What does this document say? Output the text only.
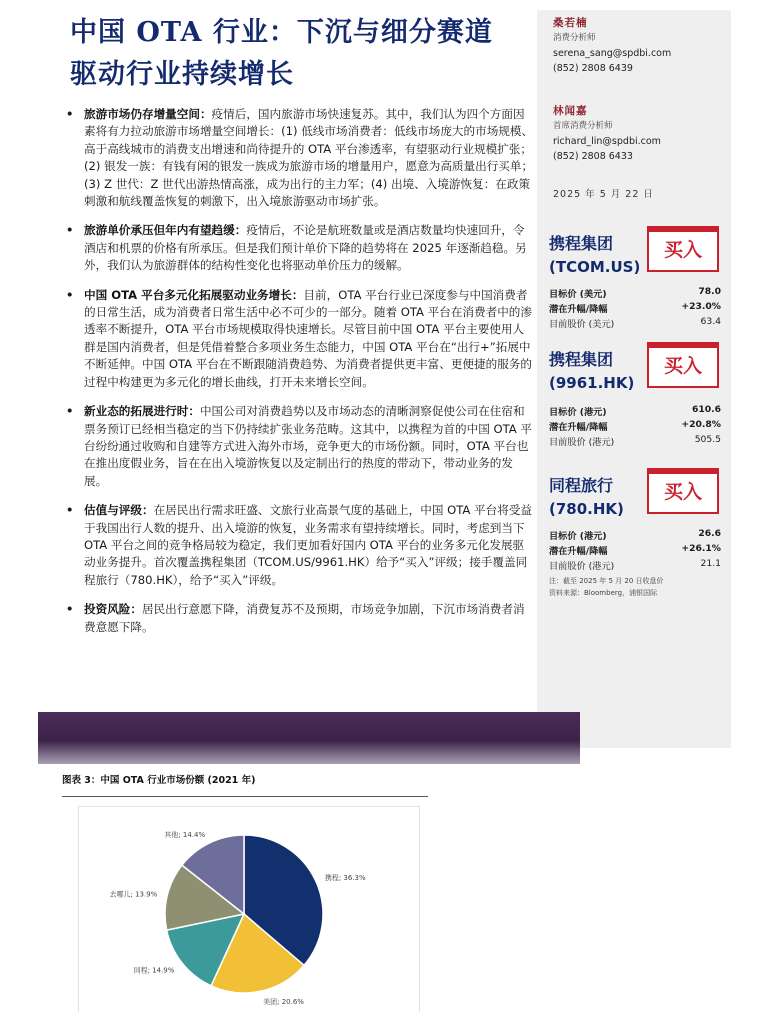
中国 OTA 行业：下沉与细分赛道
驱动行业持续增长
• 旅游市场仍存增量空间：疫情后，国内旅游市场快速复苏。其中，我们认为四个方面因素将有力拉动旅游市场增量空间增长：(1) 低线市场消费者：低线市场庞大的市场规模、高于高线城市的消费支出增速和尚待提升的 OTA 平台渗透率，有望驱动行业规模扩张；(2) 银发一族：有钱有闲的银发一族成为旅游市场的增量用户，愿意为高质量出行买单；(3) Z 世代：Z 世代出游热情高涨，成为出行的主力军；(4) 出境、入境游恢复：在政策刺激和航线覆盖恢复的刺激下，出入境旅游驱动市场扩张。
• 旅游单价承压但年内有望趋缓：疫情后，不论是航班数量或是酒店数量均快速回升，令酒店和机票的价格有所承压。但是我们预计单价下降的趋势将在 2025 年逐渐趋稳。另外，我们认为旅游群体的结构性变化也将驱动单价压力的缓解。
• 中国 OTA 平台多元化拓展驱动业务增长：目前，OTA 平台行业已深度参与中国消费者的日常生活，成为消费者日常生活中必不可少的一部分。随着 OTA 平台在消费者中的渗透率不断提升，OTA 平台市场规模取得快速增长。尽管目前中国 OTA 平台主要使用人群是国内消费者，但是凭借着整合多项业务生态能力，中国 OTA 平台在“出行+”拓展中不断延伸。中国 OTA 平台在不断跟随消费趋势、为消费者提供更丰富、更便捷的服务的过程中构建更为多元化的增长曲线，打开未来增长空间。
• 新业态的拓展进行时：中国公司对消费趋势以及市场动态的清晰洞察促使公司在住宿和票务预订已经相当稳定的当下仍持续扩张业务范畴。这其中，以携程为首的中国 OTA 平台纷纷通过收购和自建等方式进入海外市场，竞争更大的市场份额。同时，OTA 平台也在推出度假业务，旨在在出入境游恢复以及定制出行的热度的带动下，带动业务的发展。
• 估值与评级：在居民出行需求旺盛、文旅行业高景气度的基础上，中国 OTA 平台将受益于我国出行人数的提升、出入境游的恢复，业务需求有望持续增长。同时，考虑到当下 OTA 平台之间的竞争格局较为稳定，我们更加看好国内 OTA 平台的业务多元化发展驱动业务提升。首次覆盖携程集团（TCOM.US/9961.HK）给予“买入”评级；接手覆盖同程旅行（780.HK），给予“买入”评级。
• 投资风险：居民出行意愿下降，消费复苏不及预期，市场竞争加剧，下沉市场消费者消费意愿下降。
桑若楠
消费分析师
serena_sang@spdbi.com
(852) 2808 6439
林闻嘉
首席消费分析师
richard_lin@spdbi.com
(852) 2808 6433
2025 年 5 月 22 日
携程集团
(TCOM.US)
买入
目标价 (美元)	78.0
潜在升幅/降幅	+23.0%
目前股价 (美元)	63.4
携程集团
(9961.HK)
买入
目标价 (港元)	610.6
潜在升幅/降幅	+20.8%
目前股价 (港元)	505.5
同程旅行
(780.HK)
买入
目标价 (港元)	26.6
潜在升幅/降幅	+26.1%
目前股价 (港元)	21.1
注：截至 2025 年 5 月 20 日收盘价
资料来源：Bloomberg，浦银国际
图表 3：中国 OTA 行业市场份额 (2021 年)
携程; 36.3%
美团; 20.6%
同程; 14.9%
去哪儿; 13.9%
其他; 14.4%
